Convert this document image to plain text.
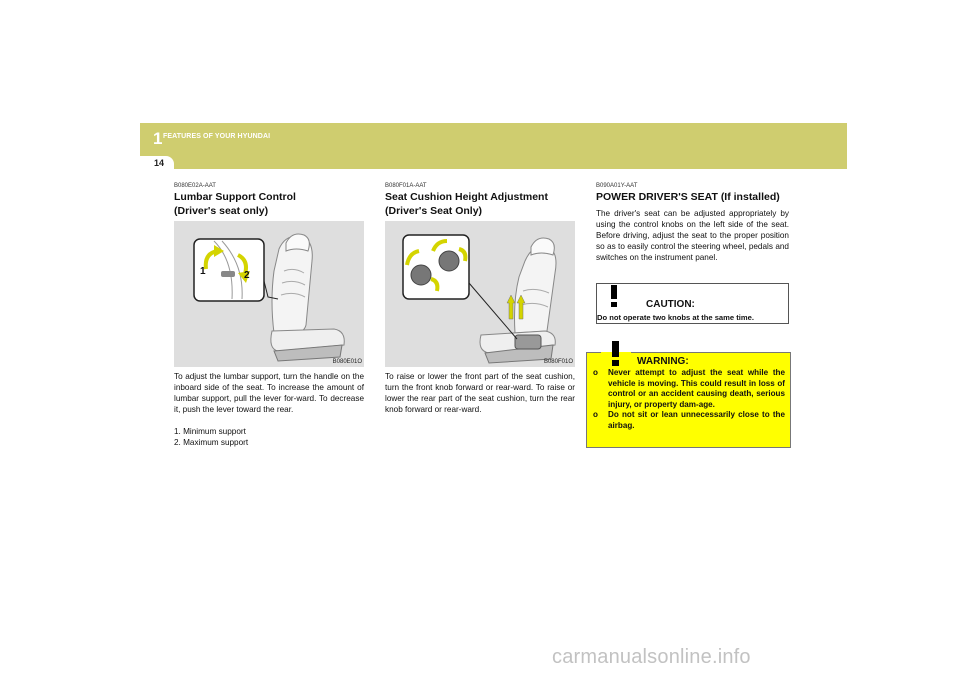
1 FEATURES OF YOUR HYUNDAI
14

B080E02A-AAT

Lumbar Support Control

(Driver's seat only)

1	2
B080E01O

To adjust the lumbar support, turn the handle on the inboard side of the seat. To increase the amount of lumbar support, pull the lever for-ward. To decrease it, push the lever toward the rear.

1. Minimum support

2. Maximum support

B080F01A-AAT

Seat Cushion Height Adjustment

(Driver's Seat Only)

B080F01O

To raise or lower the front part of the seat cushion, turn the front knob forward or rear-ward. To raise or lower the rear part of the seat cushion, turn the rear knob forward or rear-ward.

B090A01Y-AAT

POWER DRIVER'S SEAT (If installed)

The driver's seat can be adjusted appropriately by using the control knobs on the left side of the seat. Before driving, adjust the seat to the proper position so as to easily control the steering wheel, pedals and switches on the instrument panel.

CAUTION:
Do not operate two knobs at the same time.
WARNING:
o Never attempt to adjust the seat while the vehicle is moving. This could result in loss of control or an accident causing death, serious injury, or property dam-age.
o Do not sit or lean unnecessarily close to the airbag.
carmanualsonline.info
